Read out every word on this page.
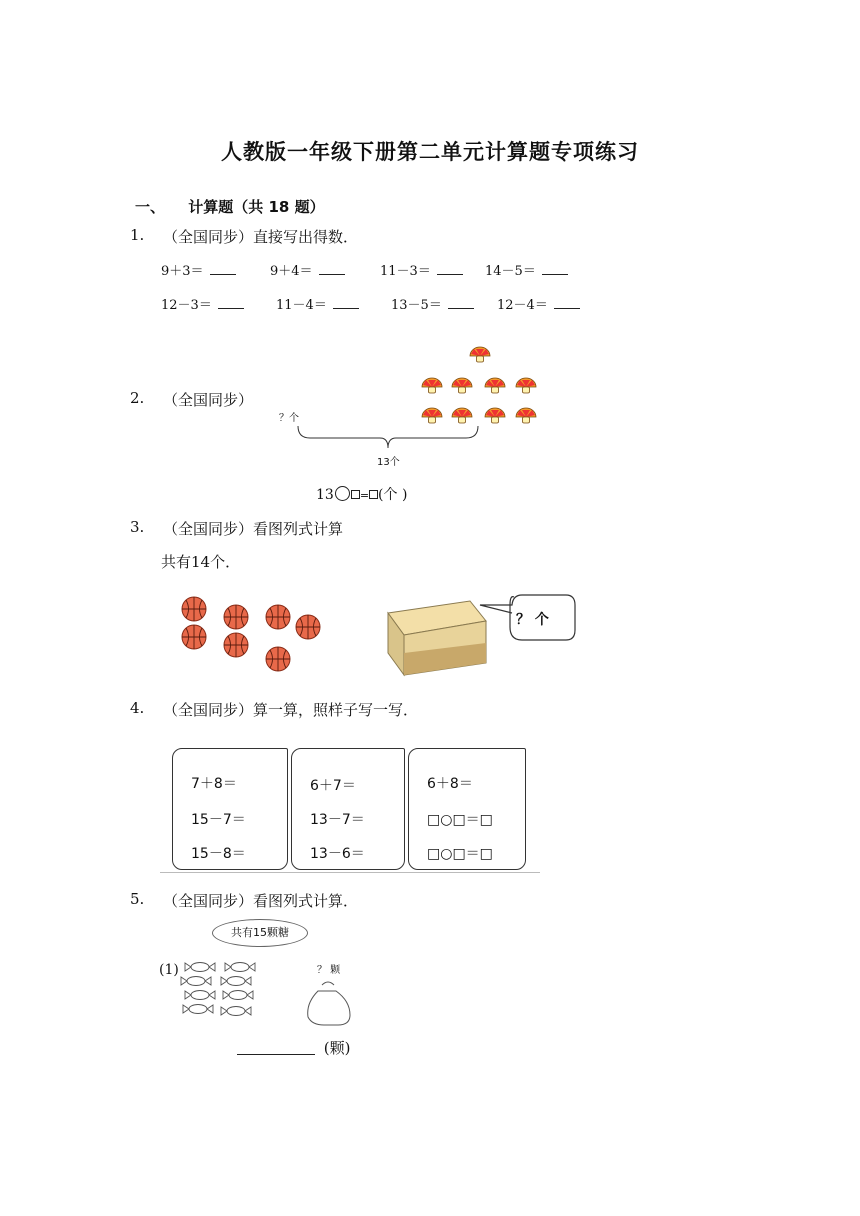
人教版一年级下册第二单元计算题专项练习
一、 计算题（共 18 题）
1. （全国同步）直接写出得数．
9＋3＝	9＋4＝	11－3＝	14－5＝
12－3＝	11－4＝	13－5＝	12－4＝
2. （全国同步）
？个
13个
13 = (个 )
3. （全国同步）看图列式计算
共有14个．
？ 个
4. （全国同步）算一算，照样子写一写．
7＋8＝
15－7＝
15－8＝
6＋7＝
13－7＝
13－6＝
6＋8＝
□○□＝□
□○□＝□
5. （全国同步）看图列式计算．
共有15颗糖
(1)	？ 颗
(颗)
